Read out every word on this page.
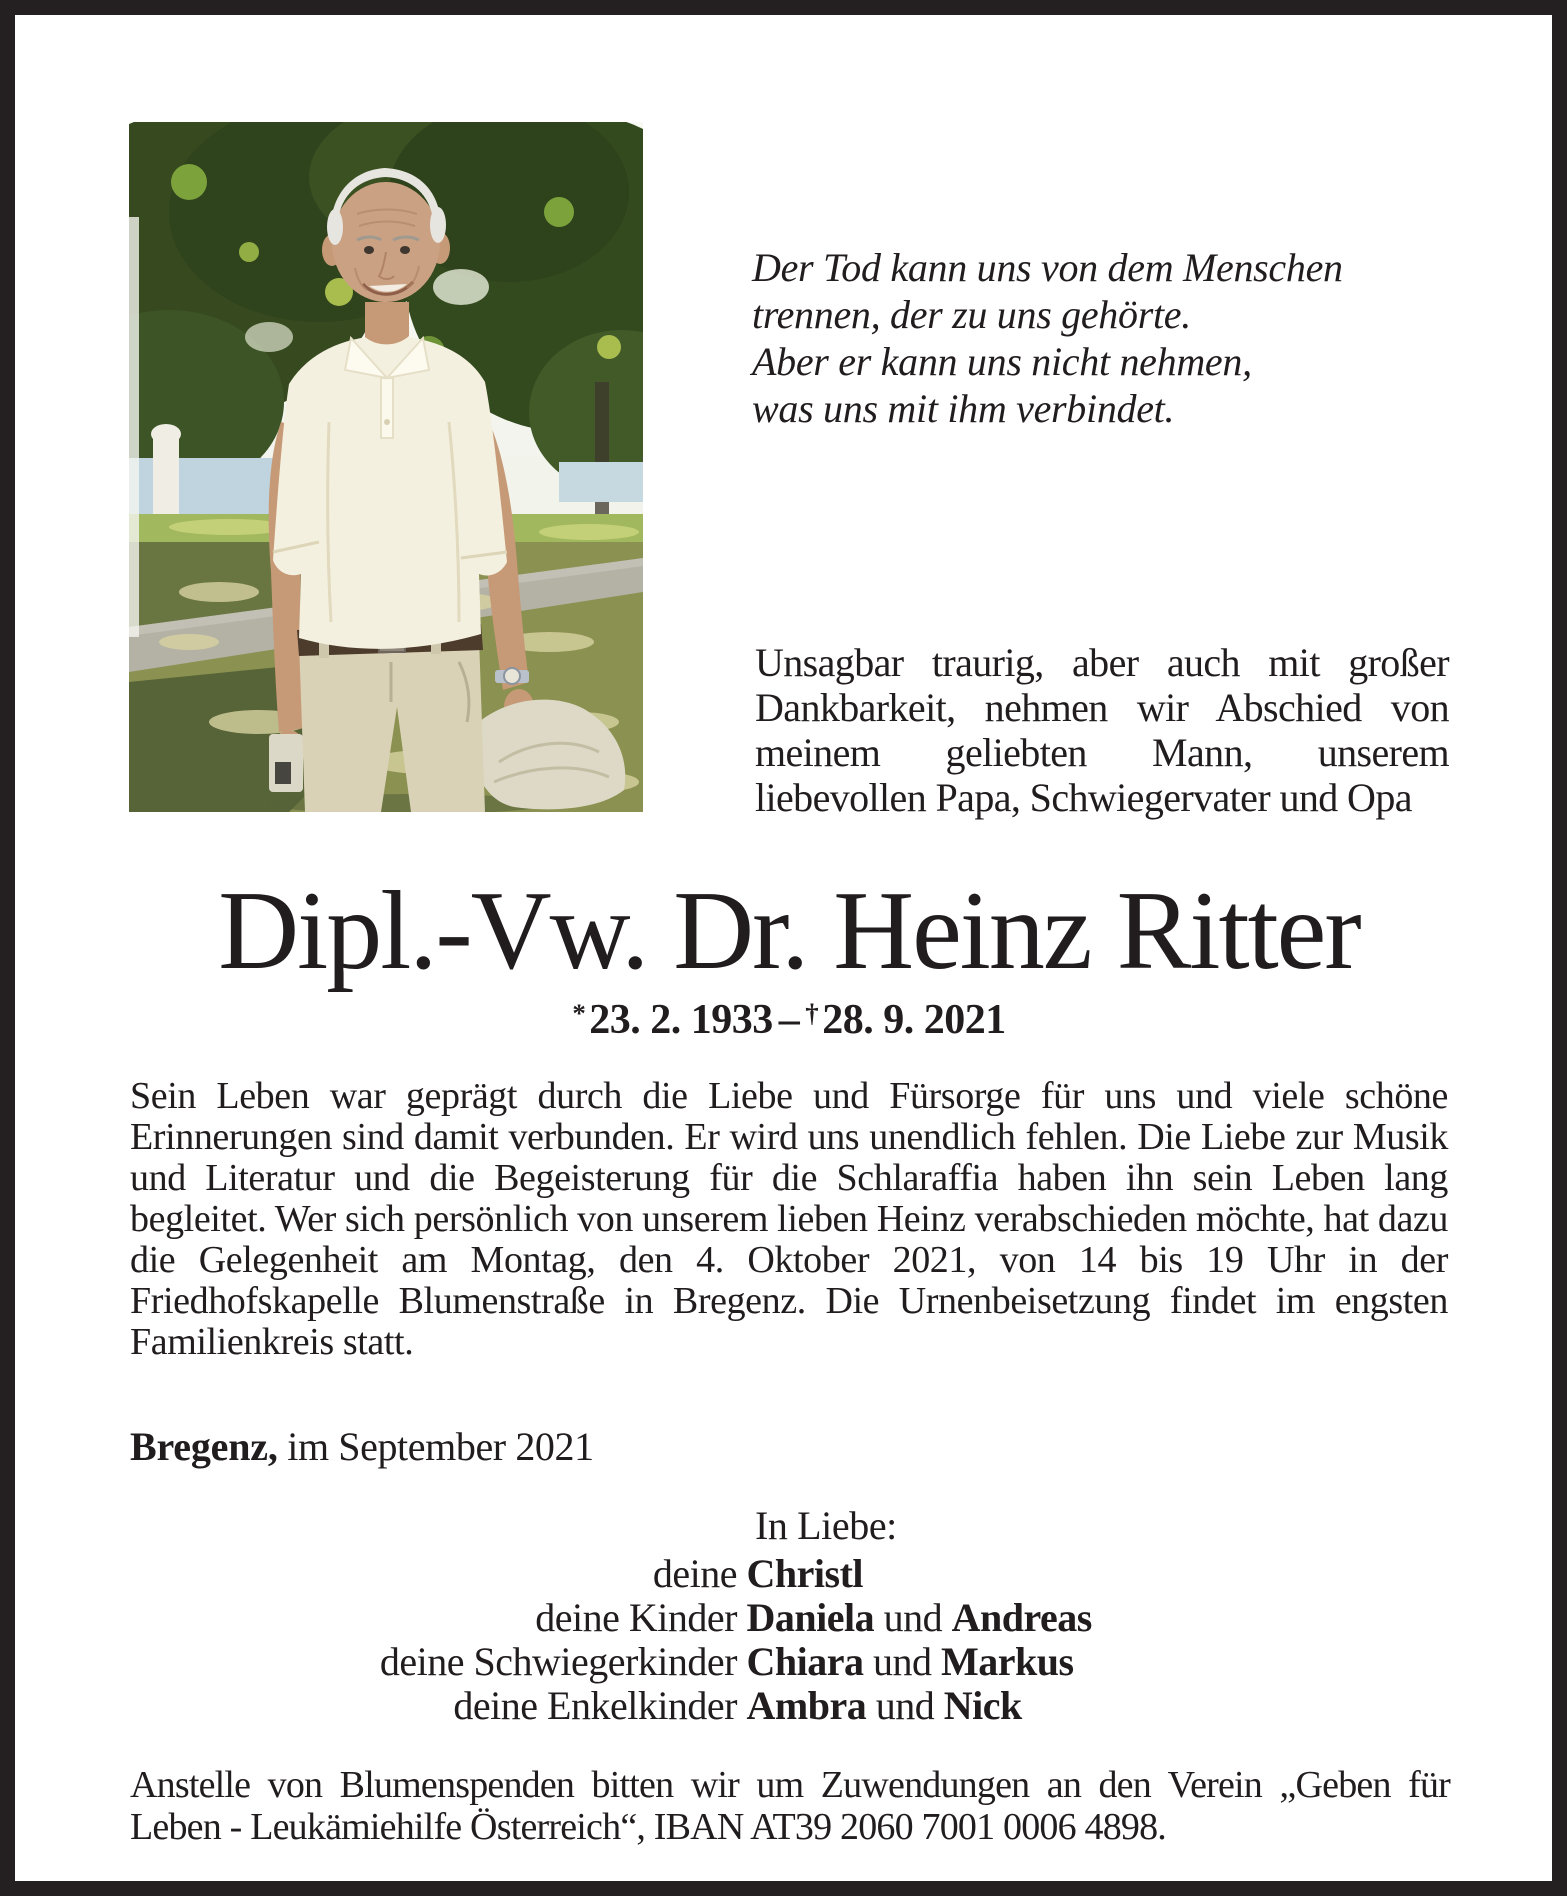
Der Tod kann uns von dem Menschen
trennen, der zu uns gehörte.
Aber er kann uns nicht nehmen,
was uns mit ihm verbindet.
Unsagbar traurig, aber auch mit großer Dankbarkeit, nehmen wir Abschied von meinem geliebten Mann, unserem liebevollen Papa, Schwiegervater und Opa
Dipl.-Vw. Dr. Heinz Ritter
*23. 2. 1933 – †28. 9. 2021
Sein Leben war geprägt durch die Liebe und Fürsorge für uns und viele schöne Erinnerungen sind damit verbunden. Er wird uns unendlich fehlen. Die Liebe zur Musik und Literatur und die Begeisterung für die Schlaraffia haben ihn sein Leben lang begleitet. Wer sich persönlich von unserem lieben Heinz verabschieden möchte, hat dazu die Gelegenheit am Montag, den 4. Oktober 2021, von 14 bis 19 Uhr in der Friedhofskapelle Blumenstraße in Bregenz. Die Urnenbeisetzung findet im engsten Familienkreis statt.
Bregenz, im September 2021
In Liebe:
deine Christl
deine Kinder Daniela und Andreas
deine Schwiegerkinder Chiara und Markus
deine Enkelkinder Ambra und Nick
Anstelle von Blumenspenden bitten wir um Zuwendungen an den Verein „Geben für Leben - Leukämiehilfe Österreich“, IBAN AT39 2060 7001 0006 4898.
